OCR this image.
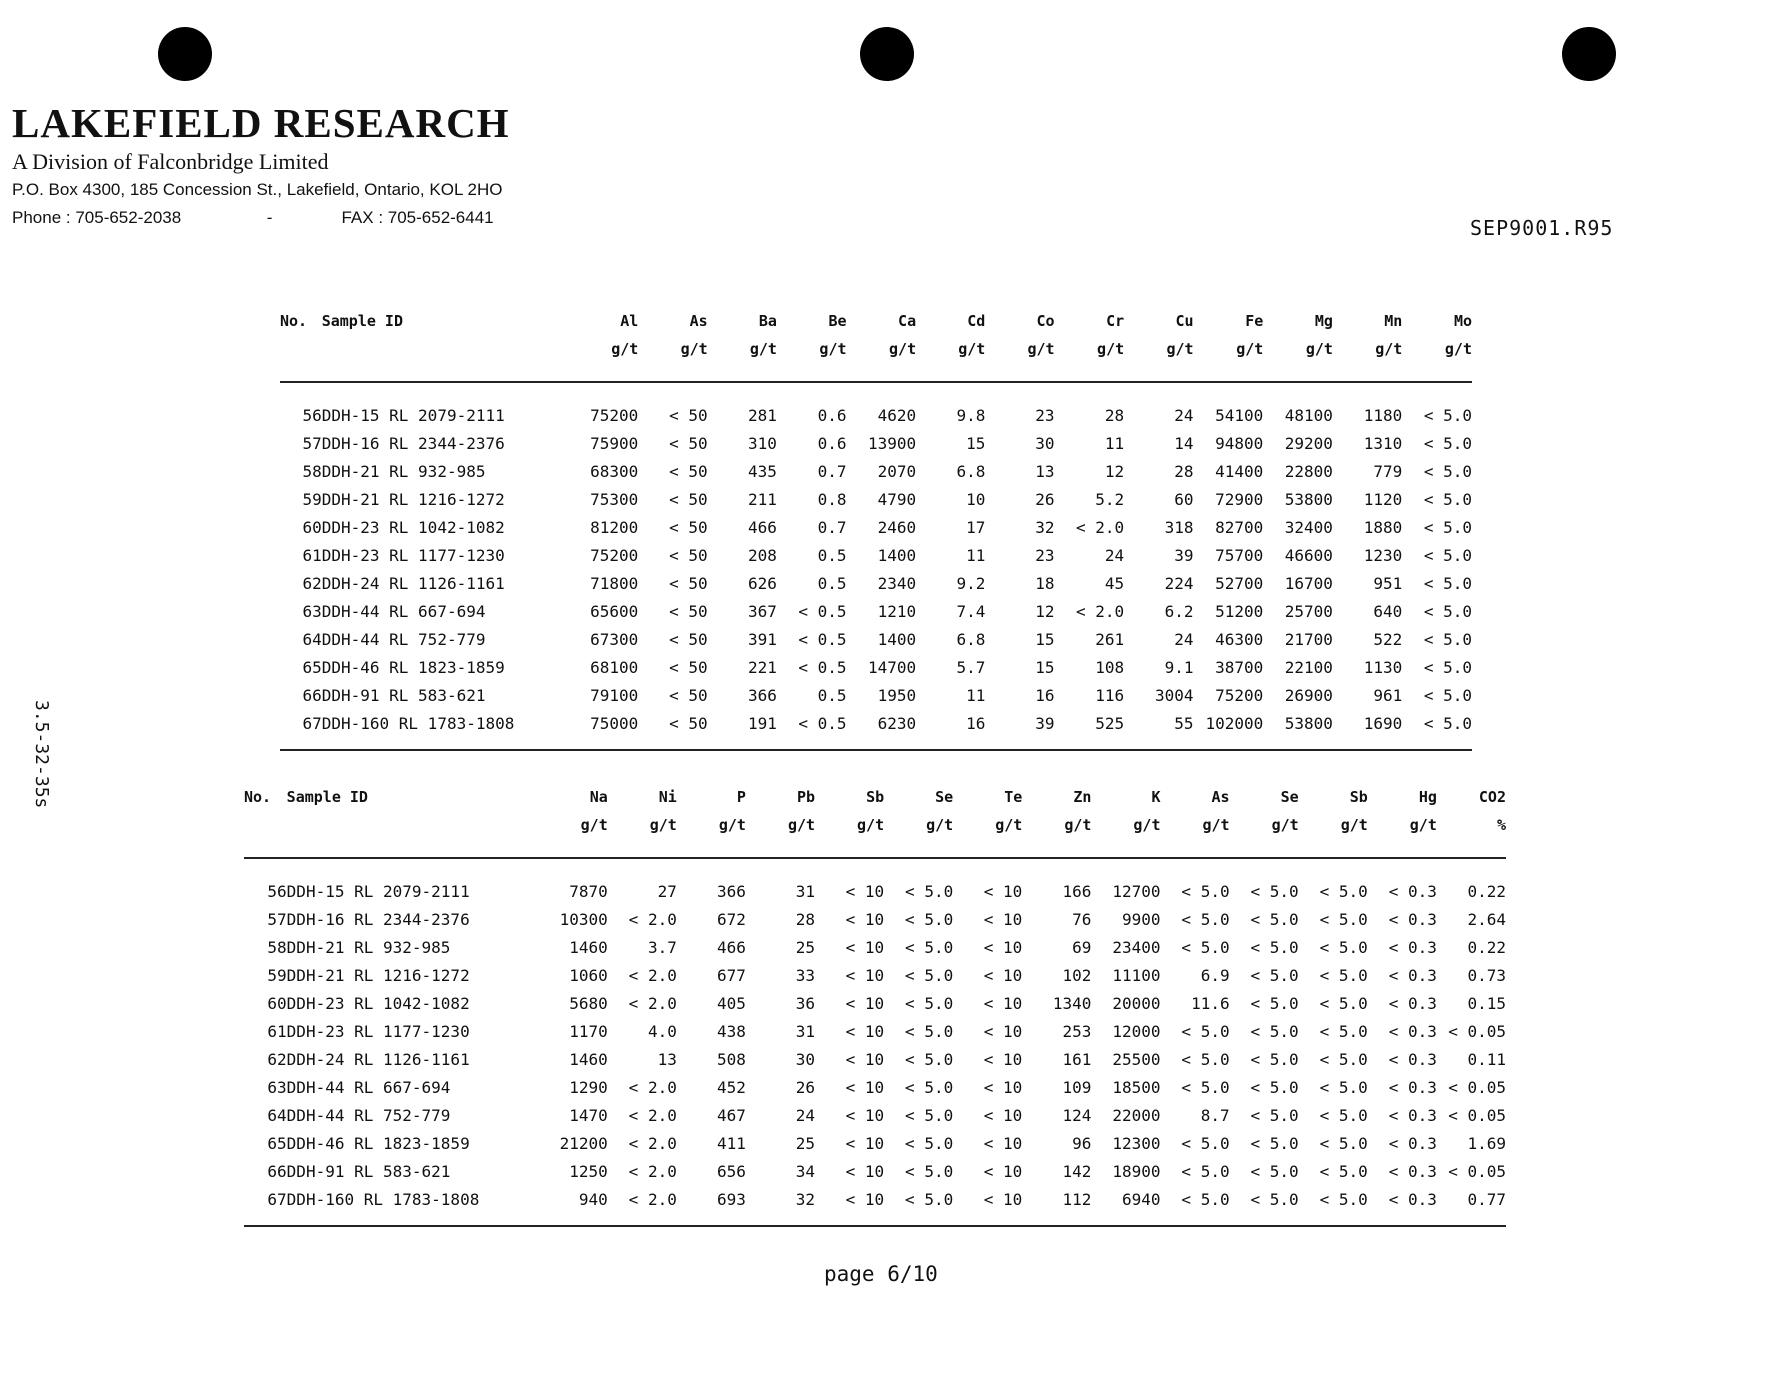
LAKEFIELD RESEARCH
A Division of Falconbridge Limited
P.O. Box 4300, 185 Concession St., Lakefield, Ontario, KOL 2HO
Phone : 705-652-2038	-	FAX : 705-652-6441	SEP9001.R95
3.5-32-35s
No.	Sample ID	Al	As	Ba	Be	Ca	Cd	Co	Cr	Cu	Fe	Mg	Mn	Mo
		g/t	g/t	g/t	g/t	g/t	g/t	g/t	g/t	g/t	g/t	g/t	g/t	g/t
56	DDH-15 RL 2079-2111	75200	< 50	281	0.6	4620	9.8	23	28	24	54100	48100	1180	< 5.0
57	DDH-16 RL 2344-2376	75900	< 50	310	0.6	13900	15	30	11	14	94800	29200	1310	< 5.0
58	DDH-21 RL 932-985	68300	< 50	435	0.7	2070	6.8	13	12	28	41400	22800	779	< 5.0
59	DDH-21 RL 1216-1272	75300	< 50	211	0.8	4790	10	26	5.2	60	72900	53800	1120	< 5.0
60	DDH-23 RL 1042-1082	81200	< 50	466	0.7	2460	17	32	< 2.0	318	82700	32400	1880	< 5.0
61	DDH-23 RL 1177-1230	75200	< 50	208	0.5	1400	11	23	24	39	75700	46600	1230	< 5.0
62	DDH-24 RL 1126-1161	71800	< 50	626	0.5	2340	9.2	18	45	224	52700	16700	951	< 5.0
63	DDH-44 RL 667-694	65600	< 50	367	< 0.5	1210	7.4	12	< 2.0	6.2	51200	25700	640	< 5.0
64	DDH-44 RL 752-779	67300	< 50	391	< 0.5	1400	6.8	15	261	24	46300	21700	522	< 5.0
65	DDH-46 RL 1823-1859	68100	< 50	221	< 0.5	14700	5.7	15	108	9.1	38700	22100	1130	< 5.0
66	DDH-91 RL 583-621	79100	< 50	366	0.5	1950	11	16	116	3004	75200	26900	961	< 5.0
67	DDH-160 RL 1783-1808	75000	< 50	191	< 0.5	6230	16	39	525	55	102000	53800	1690	< 5.0
No.	Sample ID	Na	Ni	P	Pb	Sb	Se	Te	Zn	K	As	Se	Sb	Hg	CO2
		g/t	g/t	g/t	g/t	g/t	g/t	g/t	g/t	g/t	g/t	g/t	g/t	g/t	%
56	DDH-15 RL 2079-2111	7870	27	366	31	< 10	< 5.0	< 10	166	12700	< 5.0	< 5.0	< 5.0	< 0.3	0.22
57	DDH-16 RL 2344-2376	10300	< 2.0	672	28	< 10	< 5.0	< 10	76	9900	< 5.0	< 5.0	< 5.0	< 0.3	2.64
58	DDH-21 RL 932-985	1460	3.7	466	25	< 10	< 5.0	< 10	69	23400	< 5.0	< 5.0	< 5.0	< 0.3	0.22
59	DDH-21 RL 1216-1272	1060	< 2.0	677	33	< 10	< 5.0	< 10	102	11100	6.9	< 5.0	< 5.0	< 0.3	0.73
60	DDH-23 RL 1042-1082	5680	< 2.0	405	36	< 10	< 5.0	< 10	1340	20000	11.6	< 5.0	< 5.0	< 0.3	0.15
61	DDH-23 RL 1177-1230	1170	4.0	438	31	< 10	< 5.0	< 10	253	12000	< 5.0	< 5.0	< 5.0	< 0.3	< 0.05
62	DDH-24 RL 1126-1161	1460	13	508	30	< 10	< 5.0	< 10	161	25500	< 5.0	< 5.0	< 5.0	< 0.3	0.11
63	DDH-44 RL 667-694	1290	< 2.0	452	26	< 10	< 5.0	< 10	109	18500	< 5.0	< 5.0	< 5.0	< 0.3	< 0.05
64	DDH-44 RL 752-779	1470	< 2.0	467	24	< 10	< 5.0	< 10	124	22000	8.7	< 5.0	< 5.0	< 0.3	< 0.05
65	DDH-46 RL 1823-1859	21200	< 2.0	411	25	< 10	< 5.0	< 10	96	12300	< 5.0	< 5.0	< 5.0	< 0.3	1.69
66	DDH-91 RL 583-621	1250	< 2.0	656	34	< 10	< 5.0	< 10	142	18900	< 5.0	< 5.0	< 5.0	< 0.3	< 0.05
67	DDH-160 RL 1783-1808	940	< 2.0	693	32	< 10	< 5.0	< 10	112	6940	< 5.0	< 5.0	< 5.0	< 0.3	0.77
page 6/10
